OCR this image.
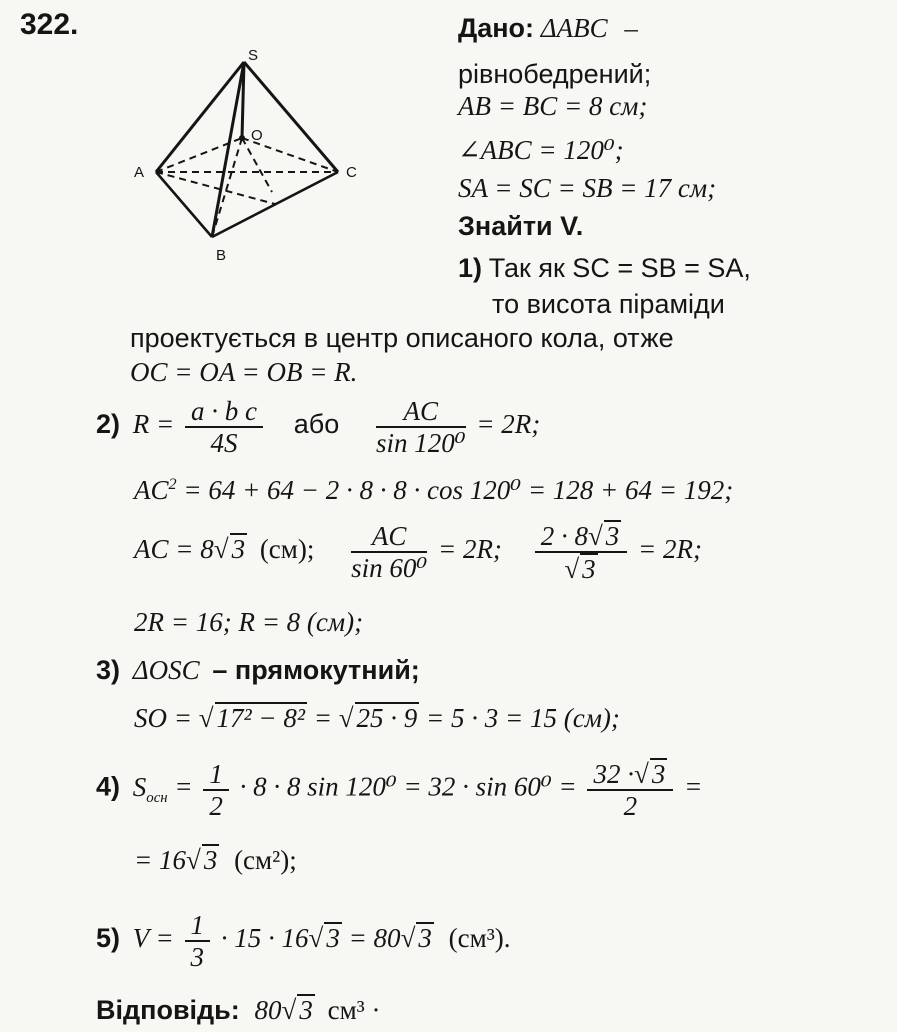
322.
S
A	C
B
O
Дано: ΔABC –
рівнобедрений;
AB = BC = 8 см;
∠ABC = 120⁰;
SA = SC = SB = 17 см;
Знайти V.
1) Так як SC = SB = SA,
то висота піраміди
проектується в центр описаного кола, отже
OC = OA = OB = R.
2) $R = \frac{\text{a · b c}}{4S}$ або $\frac{AC}{\text{sin 120⁰}} = 2R$;
$AC^2 = 64 + 64 - 2 \cdot 8 \cdot 8 \cdot \cos 120^0 = 128 + 64 = 192$;
AC = 8√ 3 (см); $\frac{AC}{\text{sin 60⁰}} = 2R$; $\frac{2 \cdot 8√ 3}{√ 3} = 2R$;
2R = 16; R = 8 (см);
3) ΔOSC – прямокутний;
SO = √ 17² − 8² = √ 25 · 9 = 5 · 3 = 15 (см);
4) $S_{осн} = \frac{1}{2} \cdot 8 \cdot 8$ $\sin 120^0 = 32 \cdot \sin 60^0 = \frac{32 \cdot√ 3}{2}$ =
= 16√ 3 (см²);
5) $V = \frac{1}{3} \cdot 15 \cdot 16√$ 3 = 80√ 3 (см³).
Відповідь: 80√ 3 см³ ·
